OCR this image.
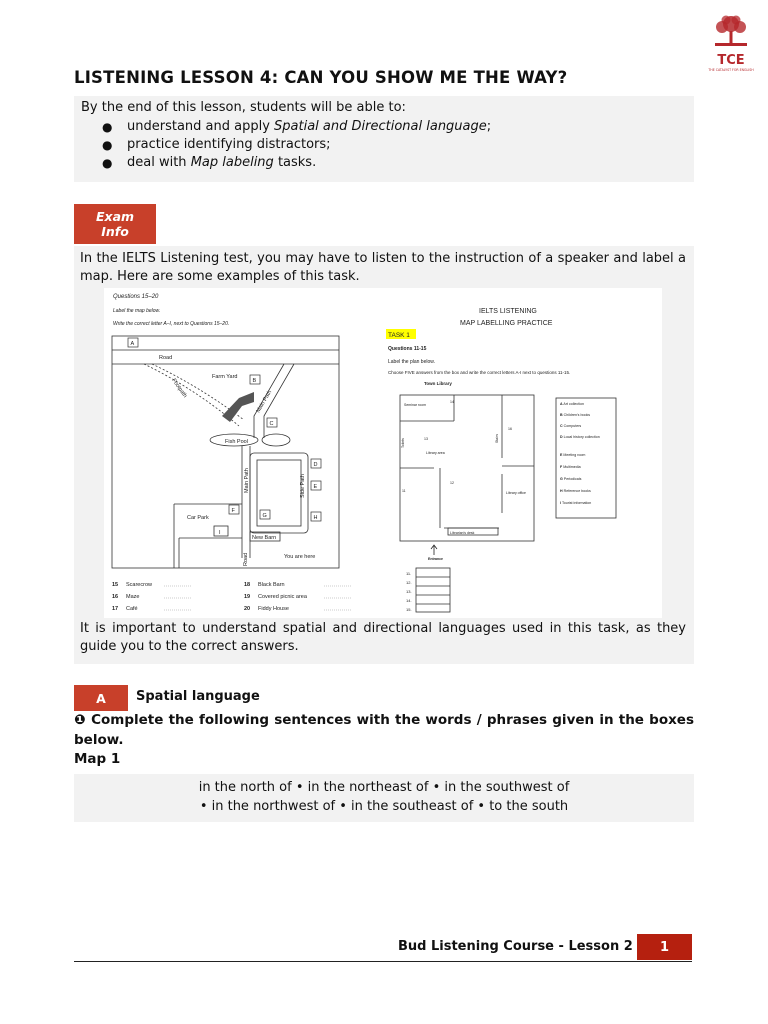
TCE
THE CATALYST FOR ENGLISH
LISTENING LESSON 4: CAN YOU SHOW ME THE WAY?
By the end of this lesson, students will be able to:
● understand and apply Spatial and Directional language;
● practice identifying distractors;
● deal with Map labeling tasks.
Exam
Info
In the IELTS Listening test, you may have to listen to the instruction of a speaker and label a map. Here are some examples of this task.
Questions 15–20
Label the map below.
Write the correct letter A–I, next to Questions 15–20.
Road
Farm Yard
Footpath
Main Path
Fish Pool
Main Path	Side Path
Car Park
New Barn
You are here
Road
A
B
C
D
E
F
G	H
I
15 Scarecrow
16 Maze
17 Café
18 Black Barn
19 Covered picnic area
20 Fiddy House
IELTS LISTENING
MAP LABELLING PRACTICE
TASK 1
Questions 11-15
Label the plan below.
Choose FIVE answers from the box and write the correct letters A-I next to questions 11-15.
Town Library
Seminar room
Library area
Library office
Librarian's desk
Entrance
Toilets	Stairs
14
13
16
11
12
A Art collection
B Children's books
C Computers
D Local history collection
E Meeting room
F Multimedia
G Periodicals
H Reference books
I Tourist information
11.
12.
13.
14.
15.
It is important to understand spatial and directional languages used in this task, as they guide you to the correct answers.
A	Spatial language
❶ Complete the following sentences with the words / phrases given in the boxes below.
Map 1
in the north of • in the northeast of • in the southwest of
• in the northwest of • in the southeast of • to the south
Bud Listening Course - Lesson 2	1
